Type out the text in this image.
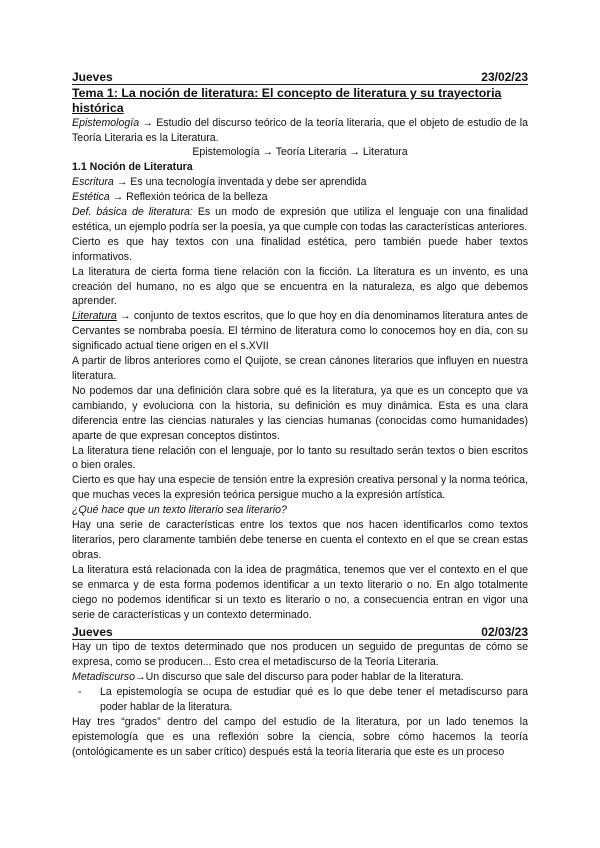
Jueves	23/02/23
Tema 1: La noción de literatura: El concepto de literatura y su trayectoria histórica

Epistemología → Estudio del discurso teórico de la teoría literaria, que el objeto de estudio de la Teoría Literaria es la Literatura.

Epistemología → Teoría Literaria → Literatura

1.1 Noción de Literatura

Escritura → Es una tecnología inventada y debe ser aprendida

Estética → Reflexión teórica de la belleza

Def. básica de literatura: Es un modo de expresión que utiliza el lenguaje con una finalidad estética, un ejemplo podría ser la poesía, ya que cumple con todas las características anteriores.

Cierto es que hay textos con una finalidad estética, pero también puede haber textos informativos.

La literatura de cierta forma tiene relación con la ficción. La literatura es un invento, es una creación del humano, no es algo que se encuentra en la naturaleza, es algo que debemos aprender.

Literatura → conjunto de textos escritos, que lo que hoy en día denominamos literatura antes de Cervantes se nombraba poesía. El término de literatura como lo conocemos hoy en día, con su significado actual tiene origen en el s.XVII

A partir de libros anteriores como el Quijote, se crean cánones literarios que influyen en nuestra literatura.

No podemos dar una definición clara sobre qué es la literatura, ya que es un concepto que va cambiando, y evoluciona con la historia, su definición es muy dinámica. Esta es una clara diferencia entre las ciencias naturales y las ciencias humanas (conocidas como humanidades) aparte de que expresan conceptos distintos.

La literatura tiene relación con el lenguaje, por lo tanto su resultado serán textos o bien escritos o bien orales.

Cierto es que hay una especie de tensión entre la expresión creativa personal y la norma teórica, que muchas veces la expresión teórica persigue mucho a la expresión artística.

¿Qué hace que un texto literario sea literario?

Hay una serie de características entre los textos que nos hacen identificarlos como textos literarios, pero claramente también debe tenerse en cuenta el contexto en el que se crean estas obras.

La literatura está relacionada con la idea de pragmática, tenemos que ver el contexto en el que se enmarca y de esta forma podemos identificar a un texto literario o no. En algo totalmente ciego no podemos identificar si un texto es literario o no, a consecuencia entran en vigor una serie de características y un contexto determinado.

Jueves	02/03/23

Hay un tipo de textos determinado que nos producen un seguido de preguntas de cómo se expresa, como se producen... Esto crea el metadiscurso de la Teoría Literaria.

Metadiscurso→Un discurso que sale del discurso para poder hablar de la literatura.

-	La epistemología se ocupa de estudiar qué es lo que debe tener el metadiscurso para poder hablar de la literatura.

Hay tres “grados” dentro del campo del estudio de la literatura, por un lado tenemos la epistemología que es una reflexión sobre la ciencia, sobre cómo hacemos la teoría (ontológicamente es un saber crítico) después está la teoría literaria que este es un proceso
